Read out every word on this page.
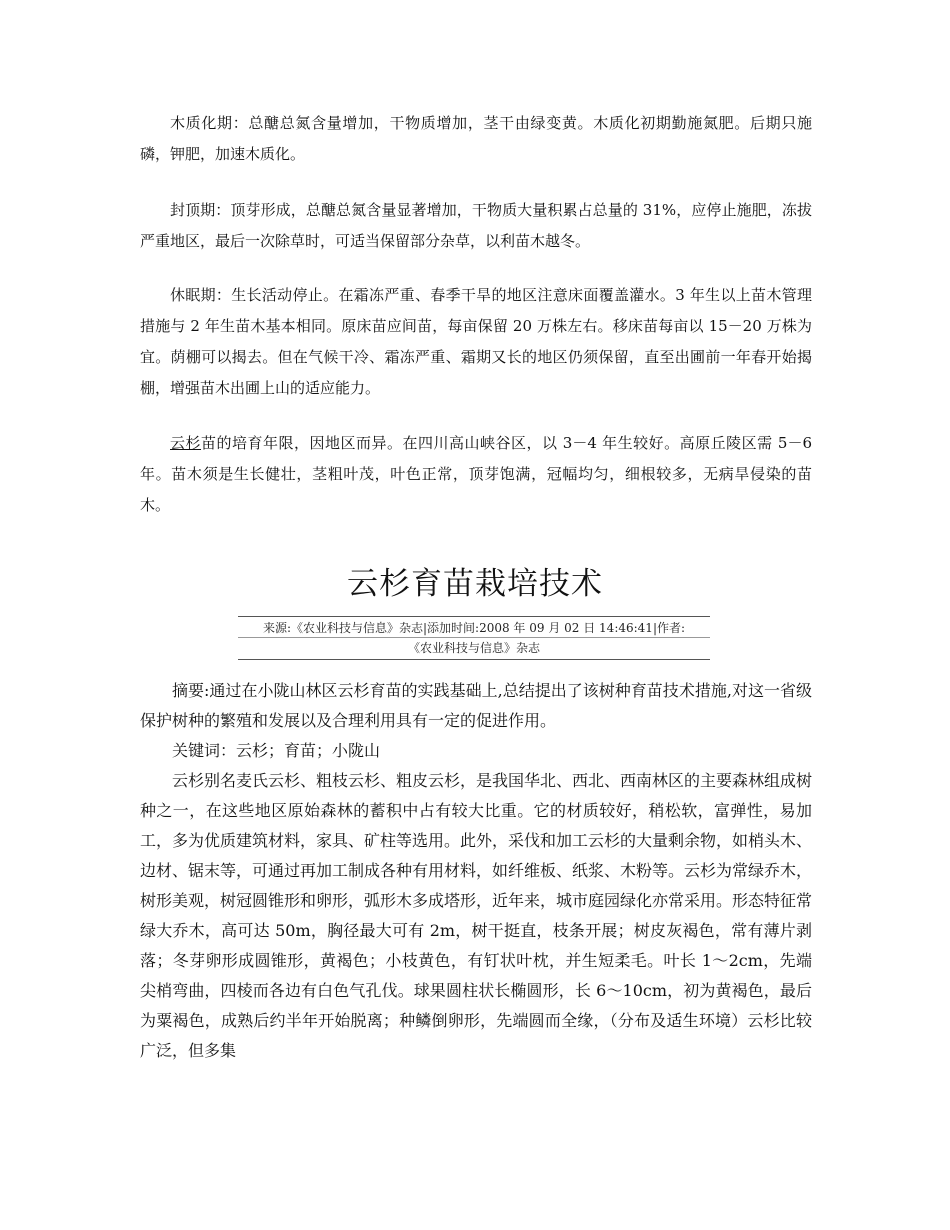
木质化期：总醣总氮含量增加，干物质增加，茎干由绿变黄。木质化初期勤施氮肥。后期只施磷，钾肥，加速木质化。

封顶期：顶芽形成，总醣总氮含量显著增加，干物质大量积累占总量的 31%，应停止施肥，冻拔严重地区，最后一次除草时，可适当保留部分杂草，以利苗木越冬。

休眠期：生长活动停止。在霜冻严重、春季干旱的地区注意床面覆盖灌水。3 年生以上苗木管理措施与 2 年生苗木基本相同。原床苗应间苗，每亩保留 20 万株左右。移床苗每亩以 15－20 万株为宜。荫棚可以揭去。但在气候干冷、霜冻严重、霜期又长的地区仍须保留，直至出圃前一年春开始揭棚，增强苗木出圃上山的适应能力。

云杉苗的培育年限，因地区而异。在四川高山峡谷区，以 3－4 年生较好。高原丘陵区需 5－6 年。苗木须是生长健壮，茎粗叶茂，叶色正常，顶芽饱满，冠幅均匀，细根较多，无病旱侵染的苗木。

云杉育苗栽培技术
来源:《农业科技与信息》杂志|添加时间:2008 年 09 月 02 日 14:46:41|作者:
《农业科技与信息》杂志

摘要:通过在小陇山林区云杉育苗的实践基础上,总结提出了该树种育苗技术措施,对这一省级保护树种的繁殖和发展以及合理利用具有一定的促进作用。

关键词：云杉；育苗；小陇山

云杉别名麦氏云杉、粗枝云杉、粗皮云杉，是我国华北、西北、西南林区的主要森林组成树种之一，在这些地区原始森林的蓄积中占有较大比重。它的材质较好，稍松软，富弹性，易加工，多为优质建筑材料，家具、矿柱等选用。此外，采伐和加工云杉的大量剩余物，如梢头木、边材、锯末等，可通过再加工制成各种有用材料，如纤维板、纸浆、木粉等。云杉为常绿乔木，树形美观，树冠圆锥形和卵形，弧形木多成塔形，近年来，城市庭园绿化亦常采用。形态特征常绿大乔木，高可达 50m，胸径最大可有 2m，树干挺直，枝条开展；树皮灰褐色，常有薄片剥落；冬芽卵形成圆锥形，黄褐色；小枝黄色，有钉状叶枕，并生短柔毛。叶长 1～2cm，先端尖梢弯曲，四棱而各边有白色气孔伐。球果圆柱状长椭圆形，长 6～10cm，初为黄褐色，最后为粟褐色，成熟后约半年开始脱离；种鳞倒卵形，先端圆而全缘，（分布及适生环境）云杉比较广泛，但多集
